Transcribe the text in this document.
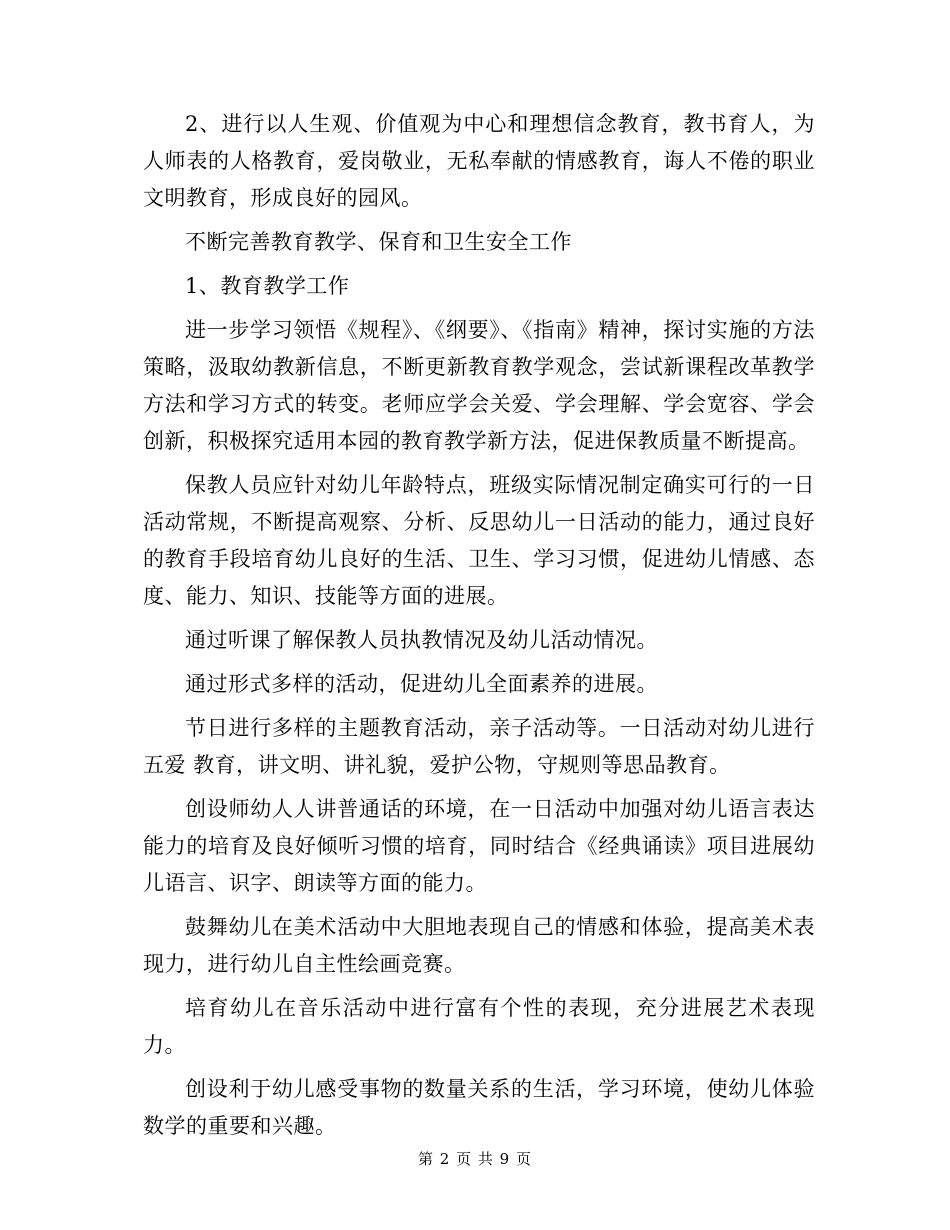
2、进行以人生观、价值观为中心和理想信念教育，教书育人，为人师表的人格教育，爱岗敬业，无私奉献的情感教育，诲人不倦的职业文明教育，形成良好的园风。

不断完善教育教学、保育和卫生安全工作

1、教育教学工作

进一步学习领悟《规程》、《纲要》、《指南》精神，探讨实施的方法策略，汲取幼教新信息，不断更新教育教学观念，尝试新课程改革教学方法和学习方式的转变。老师应学会关爱、学会理解、学会宽容、学会创新，积极探究适用本园的教育教学新方法，促进保教质量不断提高。

保教人员应针对幼儿年龄特点，班级实际情况制定确实可行的一日活动常规，不断提高观察、分析、反思幼儿一日活动的能力，通过良好的教育手段培育幼儿良好的生活、卫生、学习习惯，促进幼儿情感、态度、能力、知识、技能等方面的进展。

通过听课了解保教人员执教情况及幼儿活动情况。

通过形式多样的活动，促进幼儿全面素养的进展。

节日进行多样的主题教育活动，亲子活动等。一日活动对幼儿进行 五爱 教育，讲文明、讲礼貌，爱护公物，守规则等思品教育。

创设师幼人人讲普通话的环境，在一日活动中加强对幼儿语言表达能力的培育及良好倾听习惯的培育，同时结合《经典诵读》项目进展幼儿语言、识字、朗读等方面的能力。

鼓舞幼儿在美术活动中大胆地表现自己的情感和体验，提高美术表现力，进行幼儿自主性绘画竞赛。

培育幼儿在音乐活动中进行富有个性的表现，充分进展艺术表现力。

创设利于幼儿感受事物的数量关系的生活，学习环境，使幼儿体验数学的重要和兴趣。

第 2 页 共 9 页
